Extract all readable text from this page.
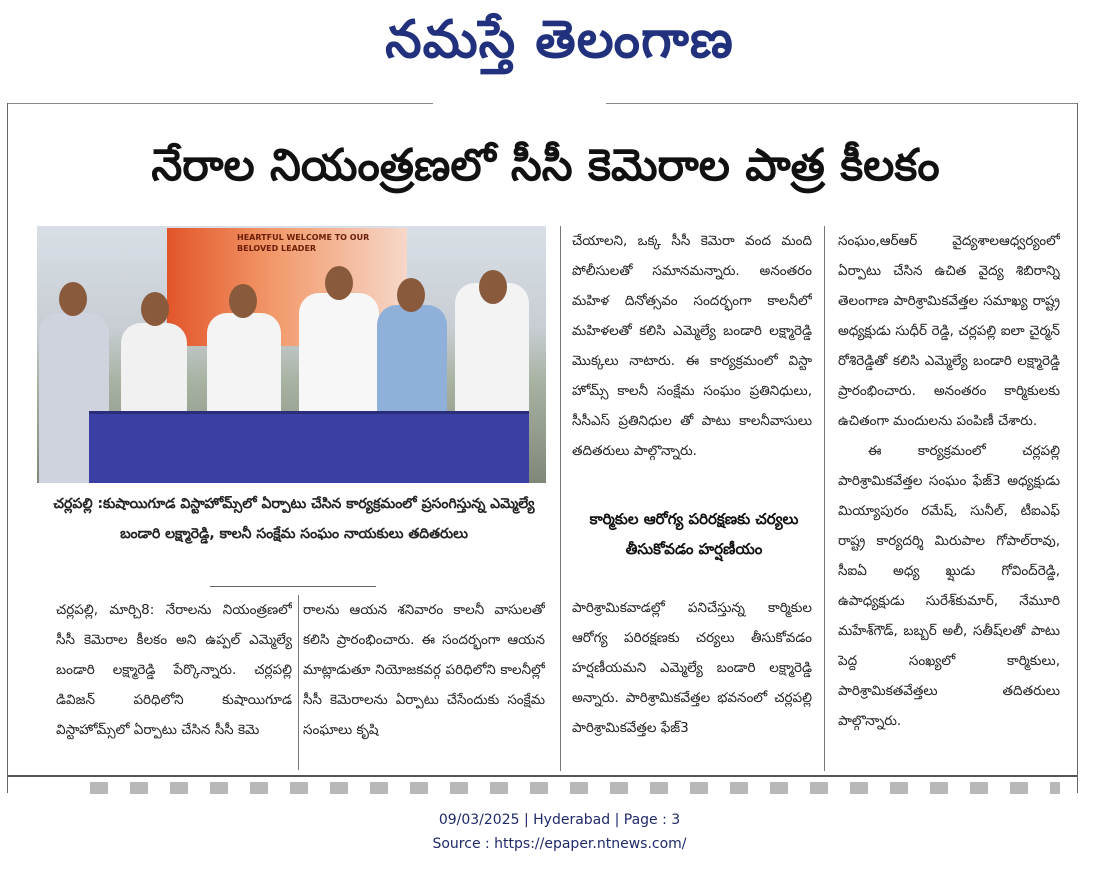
నమస్తే తెలంగాణ
నేరాల నియంత్రణలో సీసీ కెమెరాల పాత్ర కీలకం
HEARTFUL WELCOME TO OUR BELOVED LEADER
చర్లపల్లి :కుషాయిగూడ విస్టాహోమ్స్‌లో ఏర్పాటు చేసిన కార్యక్రమంలో ప్రసంగిస్తున్న ఎమ్మెల్యే బండారి లక్ష్మారెడ్డి, కాలనీ సంక్షేమ సంఘం నాయకులు తదితరులు

చర్లపల్లి, మార్చి8: నేరాలను నియంత్రణలో సీసీ కెమెరాల కీలకం అని ఉప్పల్ ఎమ్మెల్యే బండారి లక్ష్మారెడ్డి పేర్కొన్నారు. చర్లపల్లి డివిజన్ పరిధిలోని కుషాయిగూడ విస్టాహోమ్స్‌లో ఏర్పాటు చేసిన సీసీ కెమె

రాలను ఆయన శనివారం కాలనీ వాసులతో కలిసి ప్రారంభించారు. ఈ సందర్భంగా ఆయన మాట్లాడుతూ నియోజకవర్గ పరిధిలోని కాలనీల్లో సీసీ కెమెరాలను ఏర్పాటు చేసేందుకు సంక్షేమ సంఘాలు కృషి

చేయాలని, ఒక్క సీసీ కెమెరా వంద మంది పోలీసులతో సమానమన్నారు. అనంతరం మహిళ దినోత్సవం సందర్భంగా కాలనీలో మహిళలతో కలిసి ఎమ్మెల్యే బండారి లక్ష్మారెడ్డి మొక్కలు నాటారు. ఈ కార్యక్రమంలో విస్టా హోమ్స్ కాలనీ సంక్షేమ సంఘం ప్రతినిధులు, సీసీఎస్ ప్రతినిధుల తో పాటు కాలనీవాసులు తదితరులు పాల్గొన్నారు.

కార్మికుల ఆరోగ్య పరిరక్షణకు చర్యలు తీసుకోవడం హర్షణీయం

పారిశ్రామికవాడల్లో పనిచేస్తున్న కార్మికుల ఆరోగ్య పరిరక్షణకు చర్యలు తీసుకోవడం హర్షణీయమని ఎమ్మెల్యే బండారి లక్ష్మారెడ్డి అన్నారు. పారిశ్రామికవేత్తల భవనంలో చర్లపల్లి పారిశ్రామికవేత్తల ఫేజ్3

సంఘం,ఆర్ఆర్ వైద్యశాలఆధ్వర్యంలో ఏర్పాటు చేసిన ఉచిత వైద్య శిబిరాన్ని తెలంగాణ పారిశ్రామికవేత్తల సమాఖ్య రాష్ట్ర అధ్యక్షుడు సుధీర్ రెడ్డి, చర్లపల్లి ఐలా చైర్మన్ రోశిరెడ్డితో కలిసి ఎమ్మెల్యే బండారి లక్ష్మారెడ్డి ప్రారంభించారు. అనంతరం కార్మికులకు ఉచితంగా మందులను పంపిణీ చేశారు.

ఈ కార్యక్రమంలో చర్లపల్లి పారిశ్రామికవేత్తల సంఘం ఫేజ్3 అధ్యక్షుడు మియ్యాపురం రమేష్, సునీల్, టీఐఎఫ్ రాష్ట్ర కార్యదర్శి మిరుపాల గోపాల్‌రావు, సీఐఏ అధ్య ఖ్షుడు గోవింద్‌రెడ్డి, ఉపాధ్యక్షుడు సురేశ్‌కుమార్, నేమూరి మహేశ్‌గౌడ్, బబ్బర్ అలీ, సతీష్‌లతో పాటు పెద్ద సంఖ్యలో కార్మికులు, పారిశ్రామికతవేత్తలు తదితరులు పాల్గొన్నారు.

09/03/2025 | Hyderabad | Page : 3
Source : https://epaper.ntnews.com/
